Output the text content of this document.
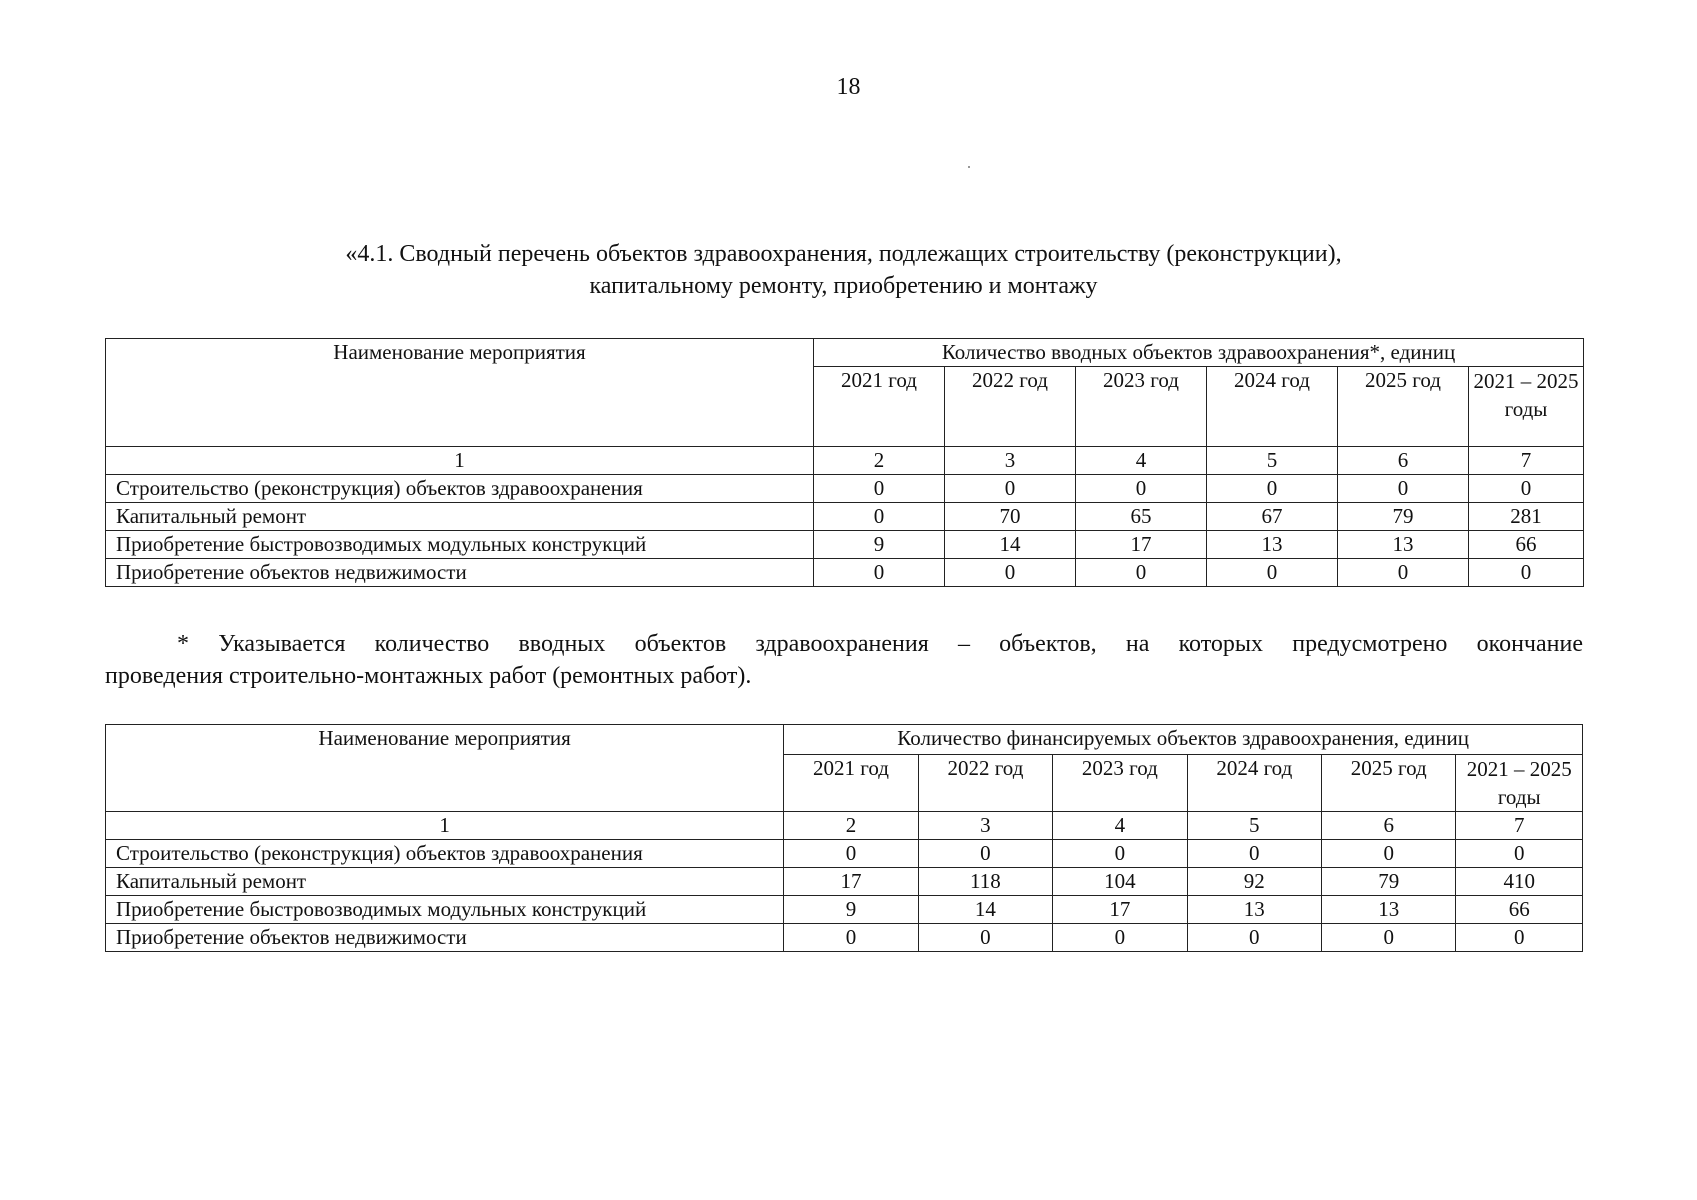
18
«4.1. Сводный перечень объектов здравоохранения, подлежащих строительству (реконструкции),
капитальному ремонту, приобретению и монтажу
Наименование мероприятия	Количество вводных объектов здравоохранения*, единиц					
	2021 год	2022 год	2023 год	2024 год	2025 год	2021 – 2025 годы
1	2	3	4	5	6	7
Строительство (реконструкция) объектов здравоохранения	0	0	0	0	0	0
Капитальный ремонт	0	70	65	67	79	281
Приобретение быстровозводимых модульных конструкций	9	14	17	13	13	66
Приобретение объектов недвижимости	0	0	0	0	0	0
* Указывается количество вводных объектов здравоохранения – объектов, на которых предусмотрено окончание
проведения строительно-монтажных работ (ремонтных работ).
Наименование мероприятия	Количество финансируемых объектов здравоохранения, единиц					
	2021 год	2022 год	2023 год	2024 год	2025 год	2021 – 2025 годы
1	2	3	4	5	6	7
Строительство (реконструкция) объектов здравоохранения	0	0	0	0	0	0
Капитальный ремонт	17	118	104	92	79	410
Приобретение быстровозводимых модульных конструкций	9	14	17	13	13	66
Приобретение объектов недвижимости	0	0	0	0	0	0
